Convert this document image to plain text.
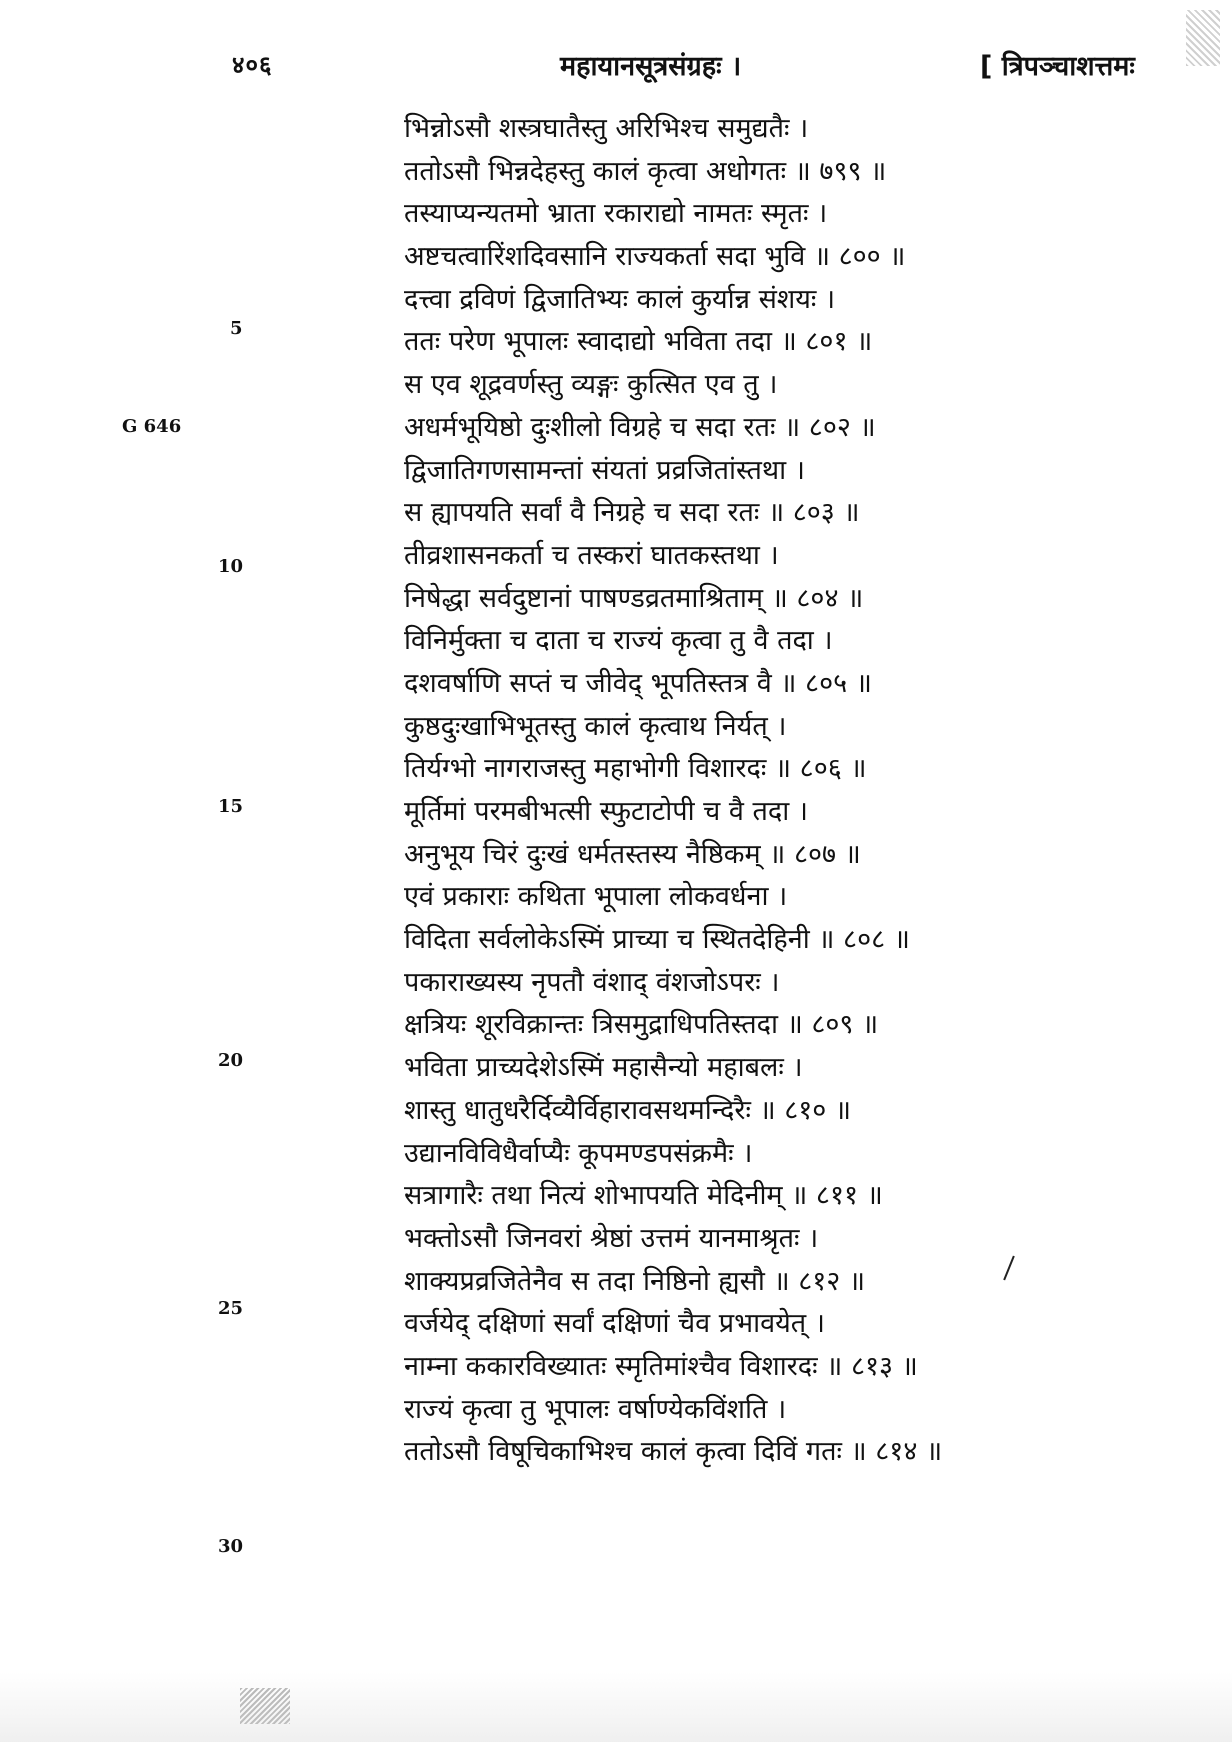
४०६	महायानसूत्रसंग्रहः ।	[ त्रिपञ्चाशत्तमः
5
G 646
10
15
20
25
30
भिन्नोऽसौ शस्त्रघातैस्तु अरिभिश्च समुद्यतैः ।
ततोऽसौ भिन्नदेहस्तु कालं कृत्वा अधोगतः ॥ ७९९ ॥
तस्याप्यन्यतमो भ्राता रकाराद्यो नामतः स्मृतः ।
अष्टचत्वारिंशदिवसानि राज्यकर्ता सदा भुवि ॥ ८०० ॥
दत्त्वा द्रविणं द्विजातिभ्यः कालं कुर्यान्न संशयः ।
ततः परेण भूपालः स्वादाद्यो भविता तदा ॥ ८०१ ॥
स एव शूद्रवर्णस्तु व्यङ्गः कुत्सित एव तु ।
अधर्मभूयिष्ठो दुःशीलो विग्रहे च सदा रतः ॥ ८०२ ॥
द्विजातिगणसामन्तां संयतां प्रव्रजितांस्तथा ।
स ह्यापयति सर्वां वै निग्रहे च सदा रतः ॥ ८०३ ॥
तीव्रशासनकर्ता च तस्करां घातकस्तथा ।
निषेद्धा सर्वदुष्टानां पाषण्डव्रतमाश्रिताम् ॥ ८०४ ॥
विनिर्मुक्ता च दाता च राज्यं कृत्वा तु वै तदा ।
दशवर्षाणि सप्तं च जीवेद् भूपतिस्तत्र वै ॥ ८०५ ॥
कुष्ठदुःखाभिभूतस्तु कालं कृत्वाथ निर्यत् ।
तिर्यग्भो नागराजस्तु महाभोगी विशारदः ॥ ८०६ ॥
मूर्तिमां परमबीभत्सी स्फुटाटोपी च वै तदा ।
अनुभूय चिरं दुःखं धर्मतस्तस्य नैष्ठिकम् ॥ ८०७ ॥
एवं प्रकाराः कथिता भूपाला लोकवर्धना ।
विदिता सर्वलोकेऽस्मिं प्राच्या च स्थितदेहिनी ॥ ८०८ ॥
पकाराख्यस्य नृपतौ वंशाद् वंशजोऽपरः ।
क्षत्रियः शूरविक्रान्तः त्रिसमुद्राधिपतिस्तदा ॥ ८०९ ॥
भविता प्राच्यदेशेऽस्मिं महासैन्यो महाबलः ।
शास्तु धातुधरैर्दिव्यैर्विहारावसथमन्दिरैः ॥ ८१० ॥
उद्यानविविधैर्वाप्यैः कूपमण्डपसंक्रमैः ।
सत्रागारैः तथा नित्यं शोभापयति मेदिनीम् ॥ ८११ ॥
भक्तोऽसौ जिनवरां श्रेष्ठां उत्तमं यानमाश्रृतः ।
शाक्यप्रव्रजितेनैव स तदा निष्ठिनो ह्यसौ ॥ ८१२ ॥
वर्जयेद् दक्षिणां सर्वां दक्षिणां चैव प्रभावयेत् ।
नाम्ना ककारविख्यातः स्मृतिमांश्चैव विशारदः ॥ ८१३ ॥
राज्यं कृत्वा तु भूपालः वर्षाण्येकविंशति ।
ततोऽसौ विषूचिकाभिश्च कालं कृत्वा दिविं गतः ॥ ८१४ ॥
